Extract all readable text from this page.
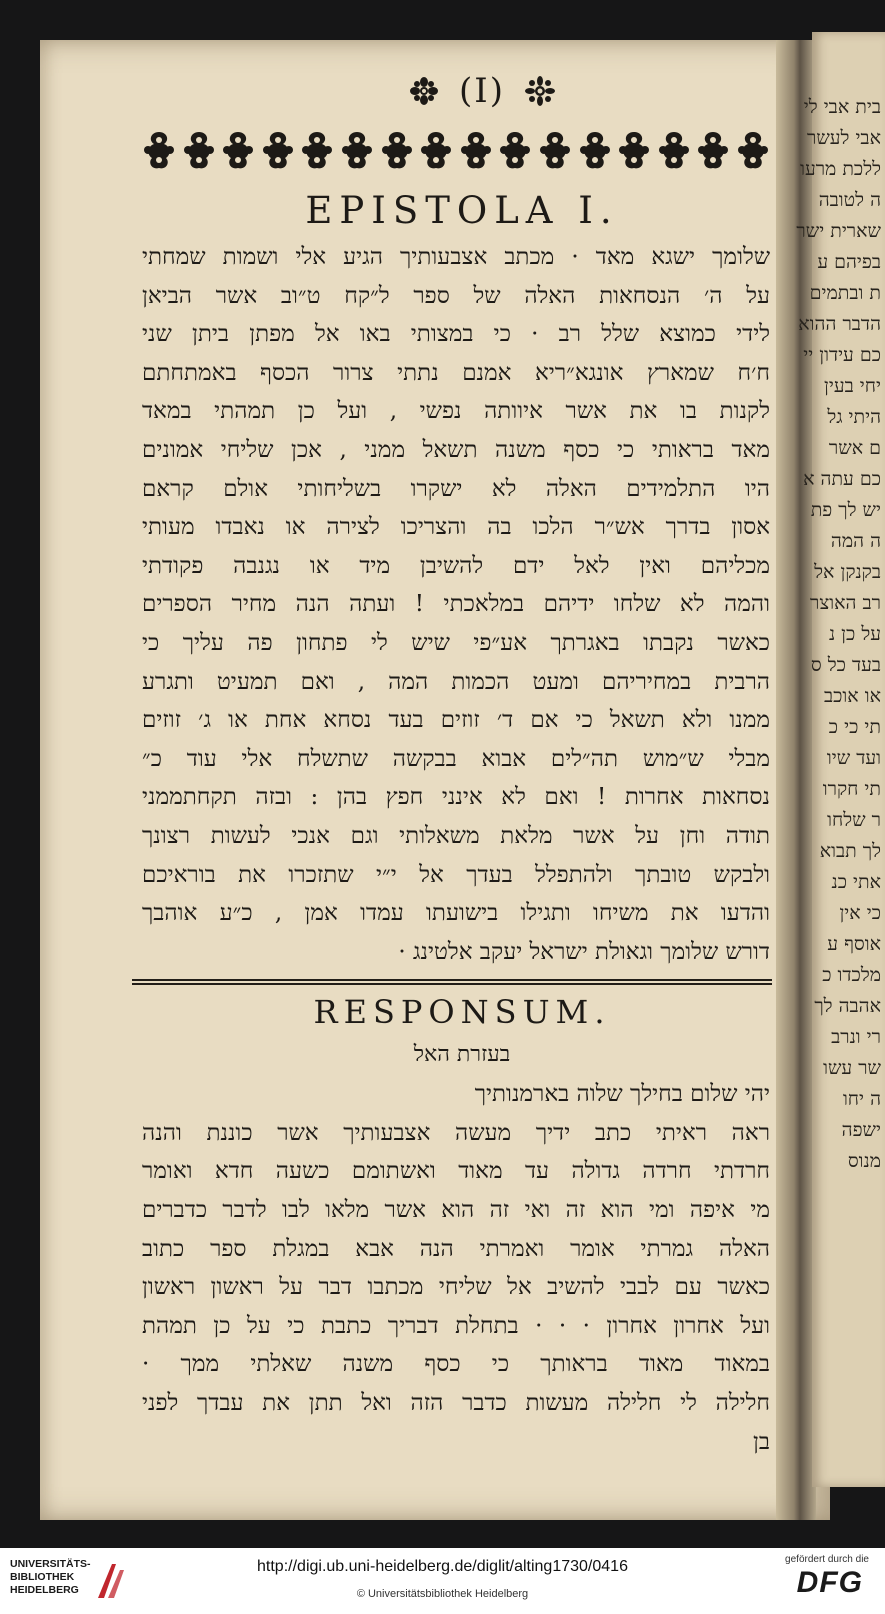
בית אבי לי
אבי לעשר
ללכת מרעו
ה לטובה
שארית ישר
בפיהם ע
ת ובתמים
הדבר ההוא
כם עידון יי
יחי בעין
היתי גל
ם אשר
כם עתה א
יש לך פת
ה המה
בקנקן אל
רב האוצר
על כן נ
בעד כל ס
או אוכב
תי כי כ
ועד שיו
תי חקרו
ר שלחו
לך תבוא
אתי כנ
כי אין
אוסף ע
מלכדו כ
אהבה לך
רי ונרב
שר עשו
ה יחו
ישפה
מנוס
(I)
EPISTOLA I.
שלומך ישגא מאד · מכתב אצבעותיך הגיע אלי ושמות שמחתי
על ה׳ הנסחאות האלה של ספר ל״קח ט״וב אשר הביאן
לידי כמוצא שלל רב · כי במצותי באו אל מפתן ביתן שני
ח׳ח שמארץ אונגא״ריא אמנם נתתי צרור הכסף באמתחתם
לקנות בו את אשר איוותה נפשי , ועל כן תמהתי במאד
מאד בראותי כי כסף משנה תשאל ממני , אכן שליחי אמונים
היו התלמידים האלה לא ישקרו בשליחותי אולם קראם
אסון בדרך אש״ר הלכו בה והצריכו לצירה או נאבדו מעותי
מכליהם ואין לאל ידם להשיבן מיד או נגנבה פקודתי
והמה לא שלחו ידיהם במלאכתי ! ועתה הנה מחיר הספרים
כאשר נקבתו באגרתך אע״פי שיש לי פתחון פה עליך כי
הרבית במחיריהם ומעט הכמות המה , ואם תמעיט ותגרע
ממנו ולא תשאל כי אם ד׳ זוזים בעד נסחא אחת או ג׳ זוזים
מבלי ש״מוש תה״לים אבוא בבקשה שתשלח אלי עוד כ״
נסחאות אחרות ! ואם לא אינני חפץ בהן : ובזה תקחתממני
תודה וחן על אשר מלאת משאלותי וגם אנכי לעשות רצונך
ולבקש טובתך ולהתפלל בעדך אל י״י שתזכרו את בוראיכם
והדעו את משיחו ותגילו בישועתו עמדו אמן , כ״ע אוהבך
דורש שלומך וגאולת ישראל יעקב אלטינג ·
RESPONSUM.
בעזרת האל
יהי שלום בחילך שלוה בארמנותיך
ראה ראיתי כתב ידיך מעשה אצבעותיך אשר כוננת והנה
חרדתי חרדה גדולה עד מאוד ואשתומם כשעה חדא ואומר
מי איפה ומי הוא זה ואי זה הוא אשר מלאו לבו לדבר כדברים
האלה גמרתי אומר ואמרתי הנה אבא במגלת ספר כתוב
כאשר עם לבבי להשיב אל שליחי מכתבו דבר על ראשון ראשון
ועל אחרון אחרון · · · בתחלת דבריך כתבת כי על כן תמהת
במאוד מאוד בראותך כי כסף משנה שאלתי ממך ·
חלילה לי חלילה מעשות כדבר הזה ואל תתן את עבדך לפני
בן
UNIVERSITÄTS-
BIBLIOTHEK
HEIDELBERG
http://digi.ub.uni-heidelberg.de/diglit/alting1730/0416
© Universitätsbibliothek Heidelberg
gefördert durch die
DFG
